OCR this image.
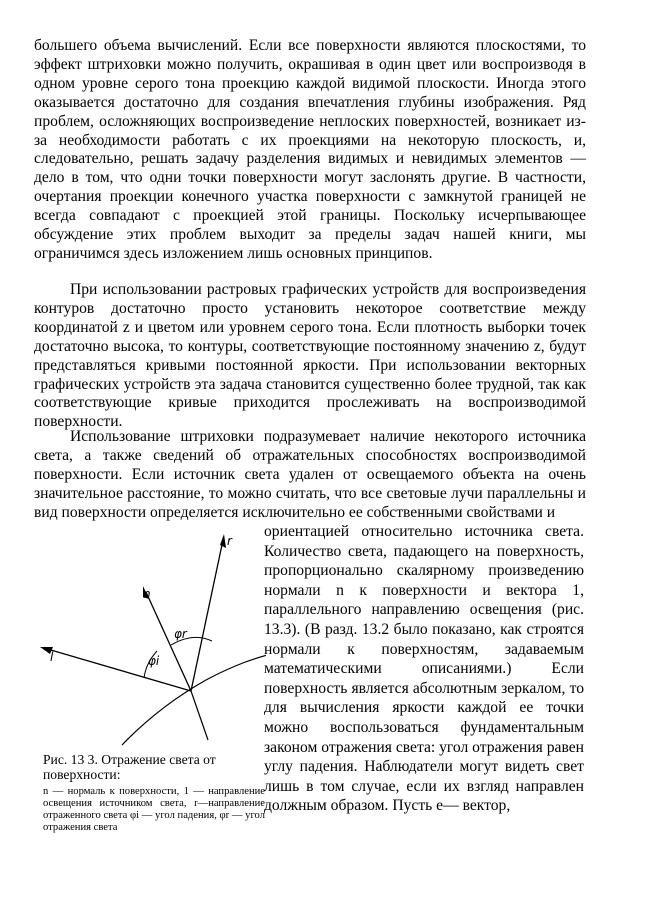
большего объема вычислений. Если все поверхности являются плоскостями, то эффект штриховки можно получить, окрашивая в один цвет или воспроизводя в одном уровне серого тона проекцию каждой видимой плоскости. Иногда этого оказывается достаточно для создания впечатления глубины изображения. Ряд проблем, осложняющих воспроизведение неплоских поверхностей, возникает из-за необходимости работать с их проекциями на некоторую плоскость, и, следовательно, решать задачу разделения видимых и невидимых элементов — дело в том, что одни точки поверхности могут заслонять другие. В частности, очертания проекции конечного участка поверхности с замкнутой границей не всегда совпадают с проекцией этой границы. Поскольку исчерпывающее обсуждение этих проблем выходит за пределы задач нашей книги, мы ограничимся здесь изложением лишь основных принципов.

При использовании растровых графических устройств для воспроизведения контуров достаточно просто установить некоторое соответствие между координатой z и цветом или уровнем серого тона. Если плотность выборки точек достаточно высока, то контуры, соответствующие постоянному значению z, будут представляться кривыми постоянной яркости. При использовании векторных графических устройств эта задача становится существенно более трудной, так как соответствующие кривые приходится прослеживать на воспроизводимой поверхности.

Использование штриховки подразумевает наличие некоторого источника света, а также сведений об отражательных способностях воспроизводимой поверхности. Если источник света удален от освещаемого объекта на очень значительное расстояние, то можно считать, что все световые лучи параллельны и вид поверхности определяется исключительно ее собственными свойствами и

r
n
l
φr
φi

Рис. 13 3. Отражение света от поверхности:

n — нормаль к поверхности, 1 — направление освещения источником света, r—направление отраженного света φi — угол падения, φr — угол отражения света

ориентацией относительно источника света. Количество света, падающего на поверхность, пропорционально скалярному произведению нормали n к поверхности и вектора 1, параллельного направлению освещения (рис. 13.3). (В разд. 13.2 было показано, как строятся нормали к поверхностям, задаваемым математическими описаниями.) Если поверхность является абсолютным зеркалом, то для вычисления яркости каждой ее точки можно воспользоваться фундаментальным законом отражения света: угол отражения равен углу падения. Наблюдатели могут видеть свет лишь в том случае, если их взгляд направлен должным образом. Пусть e— вектор,
